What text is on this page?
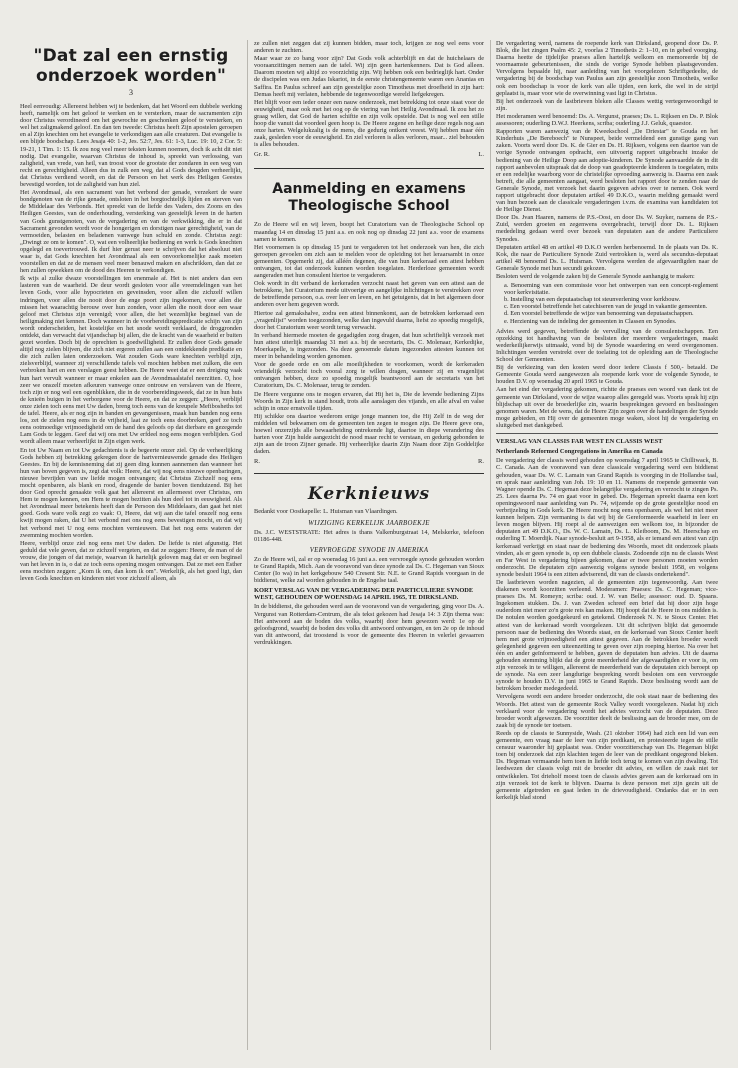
"Dat zal een ernstig onderzoek worden"
3

Heel eenvoudig: Allereerst hebben wij te bedenken, dat het Woord een dubbele werking heeft, namelijk om het geloof te werken en te versterken, maar de sacramenten zijn door Christus verordineerd om het gewrochte en geschonken geloof te versterken, en wel het zaligmakend geloof. En dan ten tweede: Christus heeft Zijn apostelen geroepen en al Zijn knechten om het evangelie te verkondigen aan alle creaturen. Dat evangelie is een blijde boodschap. Lees Jesaja 40: 1-2, Jes. 52:7, Jes. 61: 1-3, Luc. 19: 10, 2 Cor. 5: 19-21, 1 Tim. 1: 15. Ik zou nog veel meer teksten kunnen noemen, doch ik acht dit niet nodig. Dat evangelie, waarvan Christus de inhoud is, spreekt van verlossing, van zaligheid, van vrede, van heil, van troost voor de grootste der zondaren in een weg van recht en gerechtigheid. Alleen dus in zulk een weg, dat al Gods deugden verheerlijkt, dat Christus verdiend wordt, en dat de Persoon en het werk des Heiligen Geestes bevestigd worden, tot de zaligheid van hun ziel.

Het Avondmaal, als een sacrament van het verbond der genade, verzekert de ware bondgenoten van de rijke genade, ontsloten in het borgtochtelijk lijden en sterven van de Middelaar des Verbonds. Het spreekt van de liefde des Vaders, des Zoons en des Heiligen Geestes, van de onderhouding, versterking van geestelijk leven in de harten van Gods gunstgenoten, van de vergadering en van de verkwikking, die er in dat Sacrament gevonden wordt voor de hongerigen en dorstigen naar gerechtigheid, van de vermoeiden, belasten en beladenen vanwege hun schuld en zonde. Christus zegt: „Dwingt ze om te komen". O, wat een volheerlijke bediening en werk is Gods knechten opgelegd en toevertrouwd. Ik durf hier gerust neer te schrijven dat het absoluut niet waar is, dat Gods knechten het Avondmaal als een onvoorkomelijke zaak moeten voorstellen en dat ze de mensen veel meer benauwd maken en afschrikken, dan dat ze hen zullen opwekken om de dood des Heeren te verkondigen.

Ik wijs al zulke dwaze voorstellingen ten enenmale af. Het is niet anders dan een lasteren van de waarheid. De deur wordt gesloten voor alle vreemdelingen van het leven Gods, voor alle hypocrieten en geveinsden, voor allen die zichzelf willen indringen, voor allen die nooit door de enge poort zijn ingekomen, voor allen die missen het waarachtig berouw over hun zonden, voor allen die nooit door een waar geloof met Christus zijn verenigd; voor allen, die het wezenlijke beginsel van de heiligmaking niet kennen. Doch wanneer in de voorbereidingspredicatie schijn van zijn wordt onderscheiden, het kostelijke en het snode wordt verklaard, de droggronden ontdekt, dan verwacht dat vijandschap bij allen, die de kracht van de waarheid er buiten gezet worden. Doch bij de oprechten is goedwilligheid. Er zullen door Gods genade altijd nog zielen blijven, die zich niet ergeren zullen aan een ontdekkende predikatie en die zich zullen laten onderzoeken. Wat zouden Gods ware knechten verblijd zijn, zielsverblijd, wanneer zij verschillende tafels vol mochten hebben met zulken, die een verbroken hart en een verslagen geest hebben. De Heere weet dat er een dreiging vaak hun hart vervult wanneer er maar enkelen aan de Avondmaalstafel neerzitten. O, hoe zeer we onszelf moeten afkeuren vanwege onze ontrouw en verslaven van de Heere, toch zijn er nog wel een ogenblikken, die in de voorbereidingsweek, dat ze in hun huis de knieën buigen in het verborgene voor de Heere, en dat ze zeggen: „Heere, verblijd onze zielen toch eens met Uw daden, breng toch eens van de kreupele Mefibosheths tot de tafel. Heere, als er nog zijn in banden en gevangenissen, maak hun banden nog eens los, zet de zielen nog eens in de vrijheid, laat ze toch eens doorbreken, geef ze toch eens ootmoedige vrijmoedigheid om de hand des geloofs op dat dierbare en gezegende Lam Gods te leggen. Geef dat wij ons met Uw erfdeel nog eens mogen verblijden. God wordt alleen maar verheerlijkt in Zijn eigen werk.

En tot Uw Naam en tot Uw gedachtenis is de begeerte onzer ziel. Op de verheerlijking Gods hebben zij betrekking gekregen door de hartvernieuwende genade des Heiligen Geestes. En bij de kennisneming dat zij geen ding kunnen aannemen dan wanneer het hun van boven gegeven is, zegt dat volk: Heere, dat wij nog eens nieuwe openbaringen, nieuwe bevrijden van uw liefde mogen ontvangen; dat Christus Zichzelf nog eens mocht openbaren, als blank en rood, dragende de banier boven tienduizend. Bij het door God oprecht genaakte volk gaat het allereerst en allermeest over Christus, om Hem te mogen kennen, om Hem te mogen bezitten als hun deel tot in eeuwigheid. Als het Avondmaal meer betekenis heeft dan de Persoon des Middelaars, dan gaat het niet goed. Gods ware volk zegt zo vaak: O, Heere, dat wij aan die tafel onszelf nog eens kwijt mogen raken, dat U het verbond met ons nog eens bevestigen mocht, en dat wij het verbond met U nog eens mochten vernieuwen. Dat het nog eens wateren der zwemming mochten worden.

Heere, verblijd onze ziel nog eens met Uw daden. De liefde is niet afgunstig. Het geduld dat vele geven, dat ze zichzelf vergeten, en dat ze zeggen: Heere, de man of de vrouw, die jongen of dat meisje, waarvan ik hartelijk geloven mag dat er een beginsel van het leven in is, o dat ze toch eens opening mogen ontvangen. Dat ze met een Esther eens mochten zeggen: „Kom ik om, dan kom ik om". Werkelijk, als het goed ligt, dan leven Gods knechten en kinderen niet voor zichzelf alleen, als

ze zullen niet zeggen dat zij kunnen bidden, maar toch, krijgen ze nog wel eens voor anderen te zuchten.

Maar waar ze zo bang voor zijn? Dat Gods volk achterblijft en dat de huichelaars de vooraanzittingen nemen aan de tafel. Wij zijn geen hartenkenners. Dat is God alleen. Daarom moeten wij altijd zo voorzichtig zijn. Wij hebben ook een bedrieglijk hart. Onder de discipelen was een Judas Iskariot, in de eerste christengemeente waren een Ananias en Saffira. En Paulus schreef aan zijn geestelijke zoon Timotheus met droefheid in zijn hart: Demas heeft mij verlaten, hebbende de tegenwoordige wereld liefgekregen.

Het blijft voor een ieder onzer een nauw onderzoek, met betrekking tot onze staat voor de eeuwigheid, maar ook met het oog op de viering van het Heilig Avondmaal. Ik zou het zo graag willen, dat God de harten schiftte en zijn volk opstelde. Dat is nog wel een stille hoop die vanuit dat voordeel geen hoop is. De Heere zegene en heilige deze regels nog aan onze harten. Welgelukzalig is de mens, die gedurig ontkent vreest. Wij hebben maar één zaak, gesleden voor de eeuwigheid. En ziel verloren is alles verloren, maar... ziel behouden is alles behouden.

Gr. R.	L.
Aanmelding en examens Theologische School

Zo de Heere wil en wij leven, boopt het Curatorium van de Theologische School op maandag 14 en dinsdag 15 juni a.s. en ook nog op dinsdag 22 juni a.s. voor de examens samen te komen.

Het voornemen is op dinsdag 15 juni te vergaderen tot het onderzoek van hen, die zich geroepen gevoelen om zich aan te melden voor de opleiding tot het leraarsambt in onze gemeenten. Opgemerkt zij, dat alléén degenen, die van hun kerkeraad een attest hebben ontvangen, tot dat onderzoek kunnen worden toegelaten. Herderloze gemeenten wordt aangeraden met hun consulent hiertoe te vergaderen.

Ook wordt in dit verband de kerkeraden verzocht naast het geven van een attest aan de betrokkene, het Curatorium mede uitvoerige en aangelijke inlichtingen te verstrekken over de betreffende persoon, o.a. over leer en leven, en het getuigenis, dat in het algemeen door anderen over hem gegeven wordt.

Hiertoe zal gemakshalve, zodra een attest binnenkomt, aan de betrokken kerkeraad een „vragenlijst" worden toegezonden, welke dan ingevuld daarna, liefst zo spoedig mogelijk, door het Curatorium weer wordt terug verwacht.

In verband hiermede moeten de gegadigden zorg dragen, dat hun schriftelijk verzoek met hun attest uiterlijk maandag 31 mei a.s. bij de secretaris, Ds. C. Molenaar, Kerkedijke, Moerkapelle, is ingezonden. Na deze genoemde datum ingezonden attesten kunnen tot meer in behandeling worden genomen.

Voor de goede orde en om alle moeilijkheden te voorkomen, wordt de kerkeraden vriendelijk verzocht toch vooral zorg te willen dragen, wanneer zij en vragenlijst ontvangen hebben, deze zo spoedig mogelijk beantwoord aan de secretaris van het Curatorium, Ds. C. Molenaar, terug te zenden.

De Heere vergunne ons te mogen ervaren, dat Hij het is, Die de levende bediening Zijns Woords in Zijn kerk in stand houdt, trots alle aanslagen des vijands, en alle afval en valse schijn in onze ernstvolle tijden.

Hij schikke ons daartoe wederom enige jonge mannen toe, die Hij Zelf in de weg der middelen wil bekwamen om de gemeenten ten zegen te mogen zijn. De Heere geve ons, hoewel onzerzijds alle bewaarheiding ontrekende ligt, daartoe in diepe verandering des harten voor Zijn hulde aangezicht de nood maar recht te verstaan, en gedurig gebonden te zijn aan de troon Zijner genade. Hij verheerlijke daarin Zijn Naam door Zijn Goddelijke daden.

R.	R.
Kerknieuws

Bedankt voor Oostkapelle: L. Huisman van Vlaardingen.

WIJZIGING KERKELIJK JAARBOEKJE

Ds. J.C. WESTSTRATE: Het adres is thans Valkenburgstraat 14, Melskerke, telefoon 01186-448.

VERVROEGDE SYNODE IN AMERIKA

Zo de Heere wil, zal er op woensdag 16 juni a.s. een vervroegde synode gehouden worden te Grand Rapids, Mich. Aan de vooravond van deze synode zal Ds. C. Hegeman van Sioux Center (Io wa) in het kerkgebouw 540 Cresent Str. N.E. te Grand Rapids voorgaan in de biddienst, welke zal worden gehouden in de Engelse taal.

KORT VERSLAG VAN DE VERGADERING DER PARTICULIERE SYNODE WEST, GEHOUDEN OP WOENSDAG 14 APRIL 1965, TE DIRKSLAND.

In de biddienst, die gehouden werd aan de vooravond van de vergadering, ging voor Ds. A. Vergunst van Rotterdam-Centrum, die als tekst gekozen had Jesaja 14: 3 Zijn thema was: Het antwoord aan de boden des volks, waarbij door hem gewezen werd: 1e op de geloofsgrond, waarbij de boden des volks dit antwoord ontvangen, en ten 2e op de inhoud van dit antwoord, dat troostend is voor de gemeente des Heeren in velerlei gevaarren verdrukkingen.

De vergadering werd, namens de roepende kerk van Dirksland, geopend door Ds. P. Blok, die liet zingen Psalm 45: 2, voorlas 2 Timotheüs 2: 1–10, en in gebed voorging. Daarna heette de tijdelijke praeses allen hartelijk welkom en memoreerde bij de voornaamste gebeurtenissen, die sinds de vorige Synode hebben plaatsgevonden. Vervolgens bepaalde hij, naar aanleiding van het voorgelezen Schriftgedeelte, de vergadering bij de boodschap van Paulus aan zijn geestelijke zoon Timotheüs, welke ook een boodschap is voor de kerk van alle tijden, een kerk, die wel in de strijd geplaatst is, maar voor wie de overwinning vast ligt in Christus.

Bij het onderzoek van de lastbrieven bleken alle Classes wettig vertegenwoordigd te zijn.

Het moderamen werd benoemd: Ds. A. Vergunst, praeses; Ds. L. Rijksen en Ds. P. Blok assessoren; ouderling D.W.J. Heerkens, scriba; ouderling J.J. Geluk, quaestor.

Rapporten waren aanwezig van de Kweekschool „De Driestar" te Gouda en het Kinderhuis „De Bereboech" te Nunspeet, beide vermeldend een gunstige gang van zaken. Voorts werd door Ds. K. de Gier en Ds. H. Rijksen, volgens een daartoe van de vorige Synode ontvangen opdracht, een uitvoerig rapport uitgebracht inzake de bediening van de Heilige Doop aan adoptie-kinderen. De Synode aanvaardde de in dit rapport aanbevolen uitspraak dat de doop van geadopteerde kinderen is toegelaten, mits er een redelijke waarborg voor de christelijke opvoeding aanwezig is. Daarna een zaak betreft, die alle gemeenten aangaat, werd besloten het rapport door te zenden naar de Generale Synode, met verzoek het daarin gegeven advies over te nemen. Ook werd rapport uitgebracht door deputaten artikel 49 D.K.O., waarin melding gemaakt werd van hun bezoek aan de classicale vergaderingen i.v.m. de examina van kandidaten tot de Heilige Dienst.

Door Ds. Jvan Haaren, namens de P.S.-Oost, en door Ds. W. Suyker, namens de P.S.-Zuid, werden groeten en zegenwens overgebracht, terwijl door Ds. L. Rijksen mededeling gedaan werd over bezoek van deputaten aan de andere Particuliere Synodes.

Deputaten artikel 48 en artikel 49 D.K.O werden herbenoemd. In de plaats van Ds. K. Kok, die naar de Particuliere Synode Zuid vertrokken is, werd als secundus-deputaat artikel 48 benoemd Ds. L. Huisman. Vervolgens werden de afgevaardigden naar de Generale Synode met hun secundi gekozen.

Besloten werd de volgende zaken bij de Generale Synode aanhangig te maken:

a. Benoeming van een commissie voor het ontwerpen van een concept-reglement voor kerkvisitatie.
b. Instelling van een deputaatschap tot steunverlening voor kerkbouw.
c. Een voorstel betreffende het catechiseren van de jeugd in vakantie gemeenten.
d. Een voorstel betreffende de wijze van benoeming van deputaatschappen.
e. Herziening van de indeling der gemeenten in Classen en Synodes.

Advies werd gegeven, betreffende de vervulling van de consulentschappen. Een opzekking tot handhaving van de beslisten der meerdere vergaderingen, maakt wederkeilijkerwijs uitmaakt, vond bij de Synode waardering en werd overgenomen. Inlichtingen werden verstrekt over de toelating tot de opleiding aan de Theologische School der Gemeenten.

Bij de verkiezing van den kosten werd door iedere Classis f 500,- betaald. De Gemeente Gouda werd aangewezen als roepende kerk voor de volgende Synode, te houden D.V. op woensdag 20 april 1965 te Gouda.

Aan het eind der vergadering gekomen, richtte de praeses een woord van dank tot de gemeente van Dirksland, voor de wijze waarop alles geregeld was. Voorts sprak hij zijn blijdschap uit over de broederlijke zin, waarin besprekingen gevoerd en beslissingen genomen waren. Met de wens, dat de Heere Zijn zegen over de handelingen der Synode moge gebieden, en Hij over de gemeenten moge waken, sloot hij de vergadering en sluitgebed met dankgebed.

VERSLAG VAN CLASSIS FAR WEST EN CLASSIS WEST
Netherlands Reformed Congregations in Amerika en Canada

De vergadering der classis werd gehouden op woensdag 7 april 1965 te Chilliwack, B. C. Canada. Aan de vooravond van deze classicale vergadering werd een biddienst gehouden, waar Ds. W. C. Lamain van Grand Rapids is voorging in de Hollandse taal, en sprak naar aanleiding van Joh. 19: 10 en 11. Namens de roepende gemeente van Wagner opende Ds. C. Hegeman deze belangrijke vergadering en verzocht te zingen Ps. 25. Lees daarna Ps. 74 en gaat voor in gebed. Ds. Hegeman spreekt daarna een kort openingswoord naar aanleiding van Ps. 74, wijzende op de grote geestelijke nood en verbrijzeling in Gods kerk. De Heere mocht nog eens openbaren, als wel het niet meer kunnen helpen. Zijn vermaning is dat wij bij de Gereformeerde waarheid in leer en leven mogen blijven. Hij roept al de aanwezigen een welkom toe, in bijzonder de deputaten art 49 D.K.O., Ds. W. C. Lamain, Ds. L. Kleiboom, Ds. M. Heerschap en ouderling T. Moerdijk. Naar synode-besluit art 9-1958, als er iemand een attest van zijn kerkeraad verkrijgt en staat naar de bediening des Woords, moet dit onderzoek plaats vinden, als er geen synode is, op een dubbele classis. Zodoende zijn nu de classis West en Far West in vergadering bijeen gekomen, daar er twee personen moeten worden onderzocht. De deputaten zijn aanwezig volgens synode besluit 1958, en volgens synode besluit 1964 is een zitten adviserend, dit van de classis ondertekend".

De lastbrieven worden nagezien, al de gemeenten zijn tegenwoordig. Aan twee diakenen wordt koorzitten verleend. Moderamen: Praeses: Ds. C. Hegeman; vice-praeses Ds. M. Romeyn; scriba: oud. J. W. van Belle; assessor: oud. D. Spaans. Ingekomen stukken. Ds. J. van Zweden schreef een brief dat hij door zijn hoge ouderdom niet meer zo'n grote reis kan maken. Hij hoopt dat de Heere in ons midden is. De notulen worden goedgekeurd en getekend. Onderzoek N. N. te Sioux Center. Het attest van de kerkeraad wordt voorgelezen. Uit dit schrijven blijkt dat genoemde persoon naar de bediening des Woords staat, en de kerkeraad van Sioux Center heeft hem met grote vrijmoedigheid een attest gegeven. Aan de betrokken broeder wordt gelegenheid gegeven een uiteenzetting te geven over zijn roeping hiertoe. Na over het één en ander geïnformeerd te hebben, gaven de deputaten hun advies. Uit de daarna gehouden stemming blijkt dat de grote meerderheid der afgevaardigden er voor is, om zijn verzoek in te willigen, allereerst de meerderheid van de deputaten zich beroept op de synode. Na een zeer langdurige bespreking wordt besloten om een vervroegde synode te houden D.V. in juni 1965 te Grand Rapids. Deze beslissing wordt aan de betrokken broeder medegedeeld.

Vervolgens wordt een andere broeder onderzocht, die ook staat naar de bediening des Woords. Het attest van de gemeente Rock Valley wordt voorgelezen. Nadat hij zich verklaard voor de vergadering wordt het advies verzocht van de deputaten. Deze broeder wordt afgewezen. De voorzitter deelt de beslissing aan de broeder mee, om de zaak bij de synode ter toetsen.

Reeds op de classis te Sunnyside, Wash. (21 oktober 1964) had zich een lid van een gemeente, een vraag naar de leer van zijn predikant, en protesteerde tegen de stille censuur waaronder hij geplaatst was. Onder voorzitterschap van Ds. Hegeman blijkt toen bij onderzoek dat zijn klachten tegen de leer van de predikant ongegrond bleken. Ds. Hegeman vermaande hem toen in liefde toch terug te komen van zijn dwaling. Tot leedwezen der classis volgt mit de broeder dit advies, en willen de zaak niet ter ontwikkelen. Tot drieholf moest toen de classis advies geven aan de kerkeraad om in zijn verzoek tot de kerk te blijven. Daarna is deze persoon met zijn gezin uit de gemeente afgetreden en gaat leden in de drievoudigheid. Ondanks dat er in een kerkelijk blad stond
